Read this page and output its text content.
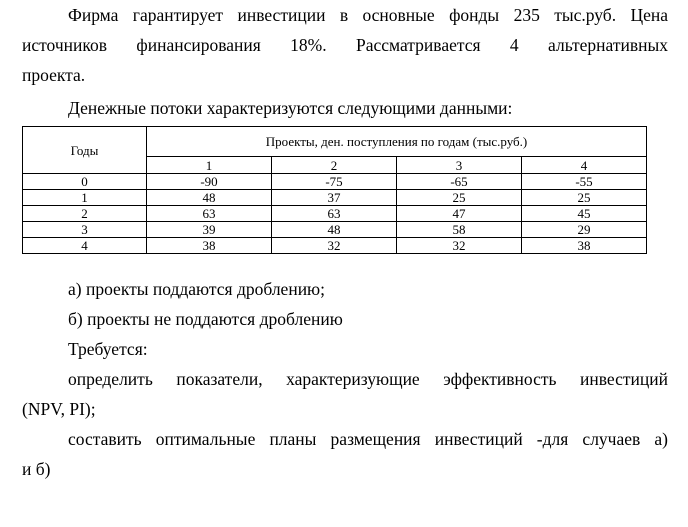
Фирма гарантирует инвестиции в основные фонды 235 тыс.руб. Цена

источников финансирования 18%. Рассматривается 4 альтернативных

проекта.

Денежные потоки характеризуются следующими данными:

Годы	Проекты, ден. поступления по годам (тыс.руб.)			
	1	2	3	4
0	-90	-75	-65	-55
1	48	37	25	25
2	63	63	47	45
3	39	48	58	29
4	38	32	32	38

а) проекты поддаются дроблению;

б) проекты не поддаются дроблению

Требуется:

определить показатели, характеризующие эффективность инвестиций

(NPV, PI);

составить оптимальные планы размещения инвестиций -для случаев а)

и б)
